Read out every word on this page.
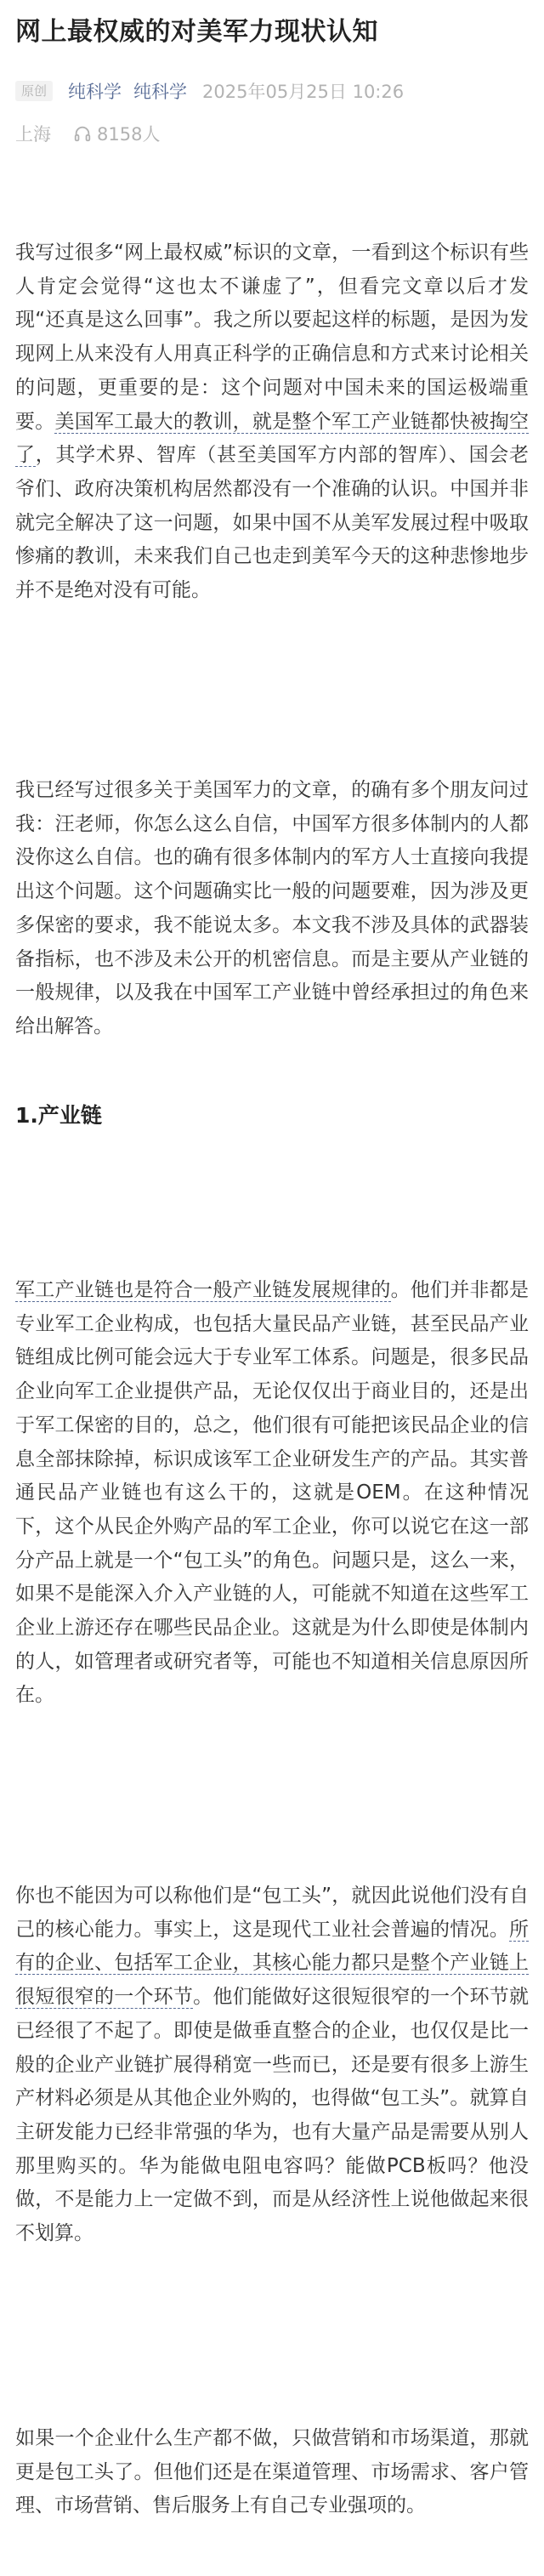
网上最权威的对美军力现状认知
原创	纯科学 纯科学 2025年05月25日 10:26
上海	8158人

我写过很多“网上最权威”标识的文章，一看到这个标识有些人肯定会觉得“这也太不谦虚了”，但看完文章以后才发现“还真是这么回事”。我之所以要起这样的标题，是因为发现网上从来没有人用真正科学的正确信息和方式来讨论相关的问题，更重要的是：这个问题对中国未来的国运极端重要。美国军工最大的教训，就是整个军工产业链都快被掏空了，其学术界、智库（甚至美国军方内部的智库）、国会老爷们、政府决策机构居然都没有一个准确的认识。中国并非就完全解决了这一问题，如果中国不从美军发展过程中吸取惨痛的教训，未来我们自己也走到美军今天的这种悲惨地步并不是绝对没有可能。

我已经写过很多关于美国军力的文章，的确有多个朋友问过我：汪老师，你怎么这么自信，中国军方很多体制内的人都没你这么自信。也的确有很多体制内的军方人士直接向我提出这个问题。这个问题确实比一般的问题要难，因为涉及更多保密的要求，我不能说太多。本文我不涉及具体的武器装备指标，也不涉及未公开的机密信息。而是主要从产业链的一般规律，以及我在中国军工产业链中曾经承担过的角色来给出解答。

1.产业链

军工产业链也是符合一般产业链发展规律的。他们并非都是专业军工企业构成，也包括大量民品产业链，甚至民品产业链组成比例可能会远大于专业军工体系。问题是，很多民品企业向军工企业提供产品，无论仅仅出于商业目的，还是出于军工保密的目的，总之，他们很有可能把该民品企业的信息全部抹除掉，标识成该军工企业研发生产的产品。其实普通民品产业链也有这么干的，这就是OEM。在这种情况下，这个从民企外购产品的军工企业，你可以说它在这一部分产品上就是一个“包工头”的角色。问题只是，这么一来，如果不是能深入介入产业链的人，可能就不知道在这些军工企业上游还存在哪些民品企业。这就是为什么即使是体制内的人，如管理者或研究者等，可能也不知道相关信息原因所在。

你也不能因为可以称他们是“包工头”，就因此说他们没有自己的核心能力。事实上，这是现代工业社会普遍的情况。所有的企业、包括军工企业，其核心能力都只是整个产业链上很短很窄的一个环节。他们能做好这很短很窄的一个环节就已经很了不起了。即使是做垂直整合的企业，也仅仅是比一般的企业产业链扩展得稍宽一些而已，还是要有很多上游生产材料必须是从其他企业外购的，也得做“包工头”。就算自主研发能力已经非常强的华为，也有大量产品是需要从别人那里购买的。华为能做电阻电容吗？能做PCB板吗？他没做，不是能力上一定做不到，而是从经济性上说他做起来很不划算。

如果一个企业什么生产都不做，只做营销和市场渠道，那就更是包工头了。但他们还是在渠道管理、市场需求、客户管理、市场营销、售后服务上有自己专业强项的。
